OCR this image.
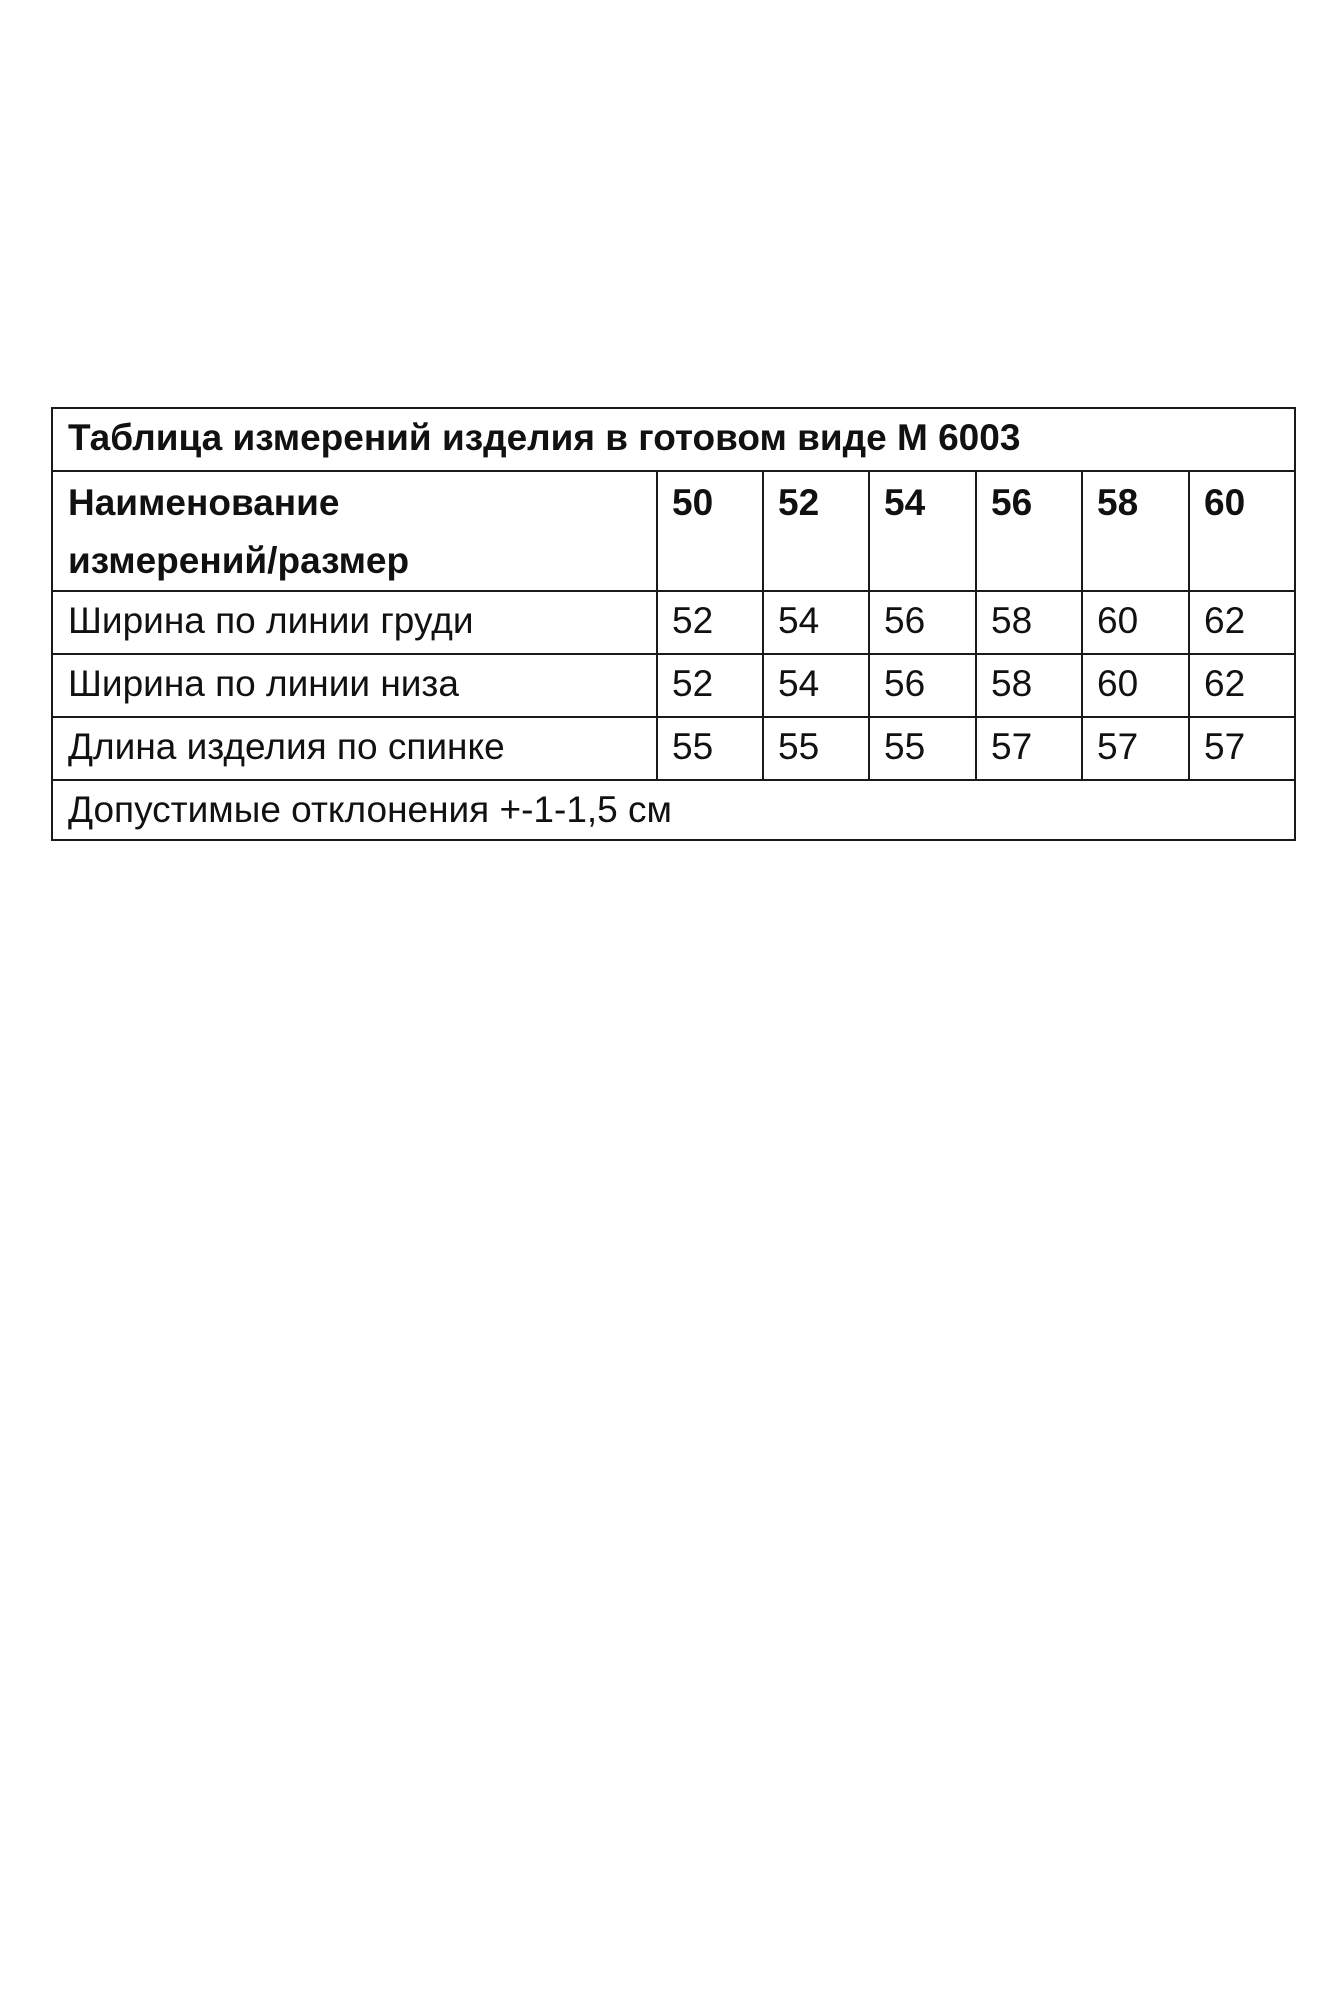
Таблица измерений изделия в готовом виде М 6003						

Наименование
измерений/размер	50	52	54	56	58	60
Ширина по линии груди	52	54	56	58	60	62
Ширина по линии низа	52	54	56	58	60	62
Длина изделия по спинке	55	55	55	57	57	57
Допустимые отклонения +-1-1,5 см						
